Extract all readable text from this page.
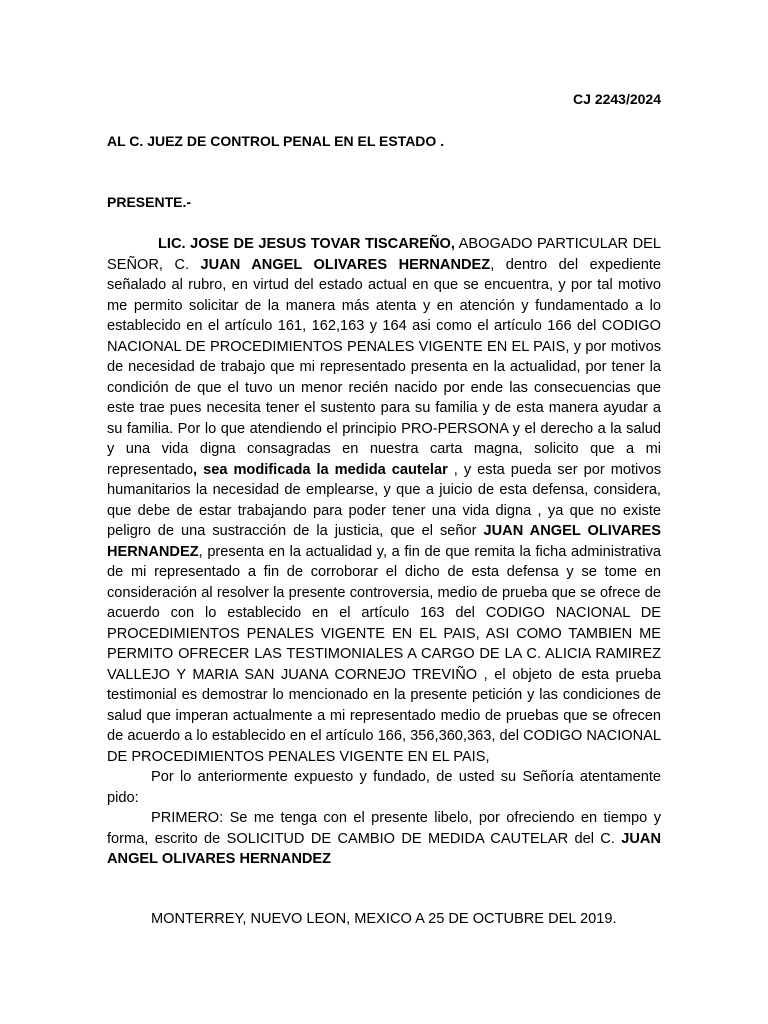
CJ 2243/2024
AL C. JUEZ DE CONTROL PENAL EN EL ESTADO .
PRESENTE.-

LIC. JOSE DE JESUS TOVAR TISCAREÑO, ABOGADO PARTICULAR DEL SEÑOR, C. JUAN ANGEL OLIVARES HERNANDEZ, dentro del expediente señalado al rubro, en virtud del estado actual en que se encuentra, y por tal motivo me permito solicitar de la manera más atenta y en atención y fundamentado a lo establecido en el artículo 161, 162,163 y 164 asi como el artículo 166 del CODIGO NACIONAL DE PROCEDIMIENTOS PENALES VIGENTE EN EL PAIS, y por motivos de necesidad de trabajo que mi representado presenta en la actualidad, por tener la condición de que el tuvo un menor recién nacido por ende las consecuencias que este trae pues necesita tener el sustento para su familia y de esta manera ayudar a su familia. Por lo que atendiendo el principio PRO-PERSONA y el derecho a la salud y una vida digna consagradas en nuestra carta magna, solicito que a mi representado, sea modificada la medida cautelar , y esta pueda ser por motivos humanitarios la necesidad de emplearse, y que a juicio de esta defensa, considera, que debe de estar trabajando para poder tener una vida digna , ya que no existe peligro de una sustracción de la justicia, que el señor JUAN ANGEL OLIVARES HERNANDEZ, presenta en la actualidad y, a fin de que remita la ficha administrativa de mi representado a fin de corroborar el dicho de esta defensa y se tome en consideración al resolver la presente controversia, medio de prueba que se ofrece de acuerdo con lo establecido en el artículo 163 del CODIGO NACIONAL DE PROCEDIMIENTOS PENALES VIGENTE EN EL PAIS, ASI COMO TAMBIEN ME PERMITO OFRECER LAS TESTIMONIALES A CARGO DE LA C. ALICIA RAMIREZ VALLEJO Y MARIA SAN JUANA CORNEJO TREVIÑO , el objeto de esta prueba testimonial es demostrar lo mencionado en la presente petición y las condiciones de salud que imperan actualmente a mi representado medio de pruebas que se ofrecen de acuerdo a lo establecido en el artículo 166, 356,360,363, del CODIGO NACIONAL DE PROCEDIMIENTOS PENALES VIGENTE EN EL PAIS,

Por lo anteriormente expuesto y fundado, de usted su Señoría atentamente pido:

PRIMERO: Se me tenga con el presente libelo, por ofreciendo en tiempo y forma, escrito de SOLICITUD DE CAMBIO DE MEDIDA CAUTELAR del C. JUAN ANGEL OLIVARES HERNANDEZ

MONTERREY, NUEVO LEON, MEXICO A 25 DE OCTUBRE DEL 2019.
